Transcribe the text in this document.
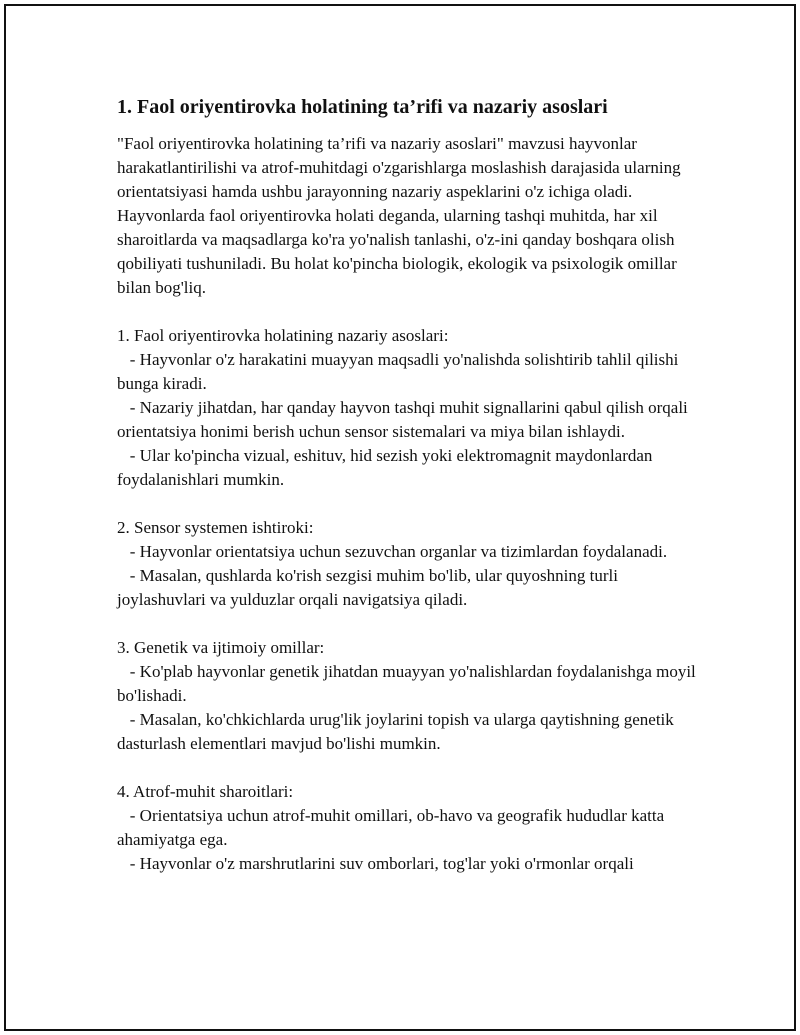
1. Faol oriyentirovka holatining ta’rifi va nazariy asoslari

"Faol oriyentirovka holatining ta’rifi va nazariy asoslari" mavzusi hayvonlar harakatlantirilishi va atrof-muhitdagi o'zgarishlarga moslashish darajasida ularning orientatsiyasi hamda ushbu jarayonning nazariy aspeklarini o'z ichiga oladi. Hayvonlarda faol oriyentirovka holati deganda, ularning tashqi muhitda, har xil sharoitlarda va maqsadlarga ko'ra yo'nalish tanlashi, o'z-ini qanday boshqara olish qobiliyati tushuniladi. Bu holat ko'pincha biologik, ekologik va psixologik omillar bilan bog'liq.

1. Faol oriyentirovka holatining nazariy asoslari:

- Hayvonlar o'z harakatini muayyan maqsadli yo'nalishda solishtirib tahlil qilishi bunga kiradi.

- Nazariy jihatdan, har qanday hayvon tashqi muhit signallarini qabul qilish orqali orientatsiya honimi berish uchun sensor sistemalari va miya bilan ishlaydi.

- Ular ko'pincha vizual, eshituv, hid sezish yoki elektromagnit maydonlardan foydalanishlari mumkin.

2. Sensor systemen ishtiroki:

- Hayvonlar orientatsiya uchun sezuvchan organlar va tizimlardan foydalanadi.

- Masalan, qushlarda ko'rish sezgisi muhim bo'lib, ular quyoshning turli joylashuvlari va yulduzlar orqali navigatsiya qiladi.

3. Genetik va ijtimoiy omillar:

- Ko'plab hayvonlar genetik jihatdan muayyan yo'nalishlardan foydalanishga moyil bo'lishadi.

- Masalan, ko'chkichlarda urug'lik joylarini topish va ularga qaytishning genetik dasturlash elementlari mavjud bo'lishi mumkin.

4. Atrof-muhit sharoitlari:

- Orientatsiya uchun atrof-muhit omillari, ob-havo va geografik hududlar katta ahamiyatga ega.

- Hayvonlar o'z marshrutlarini suv omborlari, tog'lar yoki o'rmonlar orqali
